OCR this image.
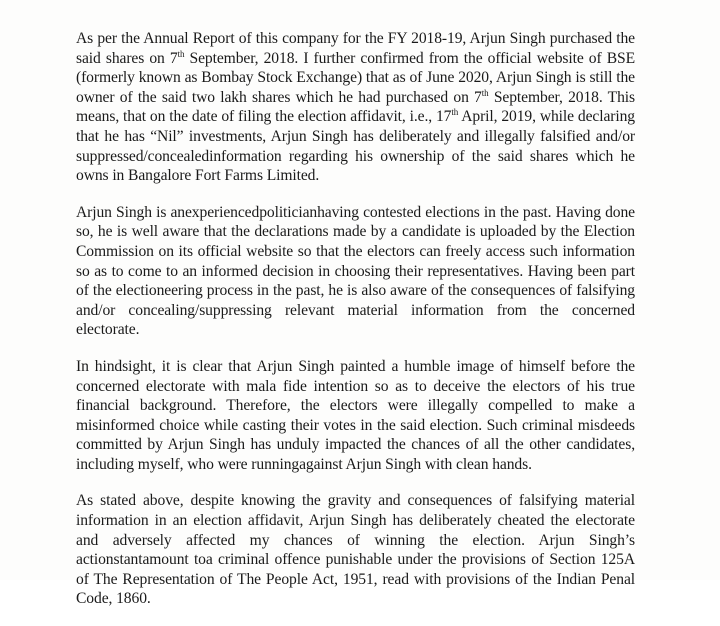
As per the Annual Report of this company for the FY 2018-19, Arjun Singh purchased the said shares on 7th September, 2018. I further confirmed from the official website of BSE (formerly known as Bombay Stock Exchange) that as of June 2020, Arjun Singh is still the owner of the said two lakh shares which he had purchased on 7th September, 2018. This means, that on the date of filing the election affidavit, i.e., 17th April, 2019, while declaring that he has “Nil” investments, Arjun Singh has deliberately and illegally falsified and/or suppressed/concealedinformation regarding his ownership of the said shares which he owns in Bangalore Fort Farms Limited.

Arjun Singh is anexperiencedpoliticianhaving contested elections in the past. Having done so, he is well aware that the declarations made by a candidate is uploaded by the Election Commission on its official website so that the electors can freely access such information so as to come to an informed decision in choosing their representatives. Having been part of the electioneering process in the past, he is also aware of the consequences of falsifying and/or concealing/suppressing relevant material information from the concerned electorate.

In hindsight, it is clear that Arjun Singh painted a humble image of himself before the concerned electorate with mala fide intention so as to deceive the electors of his true financial background. Therefore, the electors were illegally compelled to make a misinformed choice while casting their votes in the said election. Such criminal misdeeds committed by Arjun Singh has unduly impacted the chances of all the other candidates, including myself, who were runningagainst Arjun Singh with clean hands.

As stated above, despite knowing the gravity and consequences of falsifying material information in an election affidavit, Arjun Singh has deliberately cheated the electorate and adversely affected my chances of winning the election. Arjun Singh’s actionstantamount toa criminal offence punishable under the provisions of Section 125A of The Representation of The People Act, 1951, read with provisions of the Indian Penal Code, 1860.
